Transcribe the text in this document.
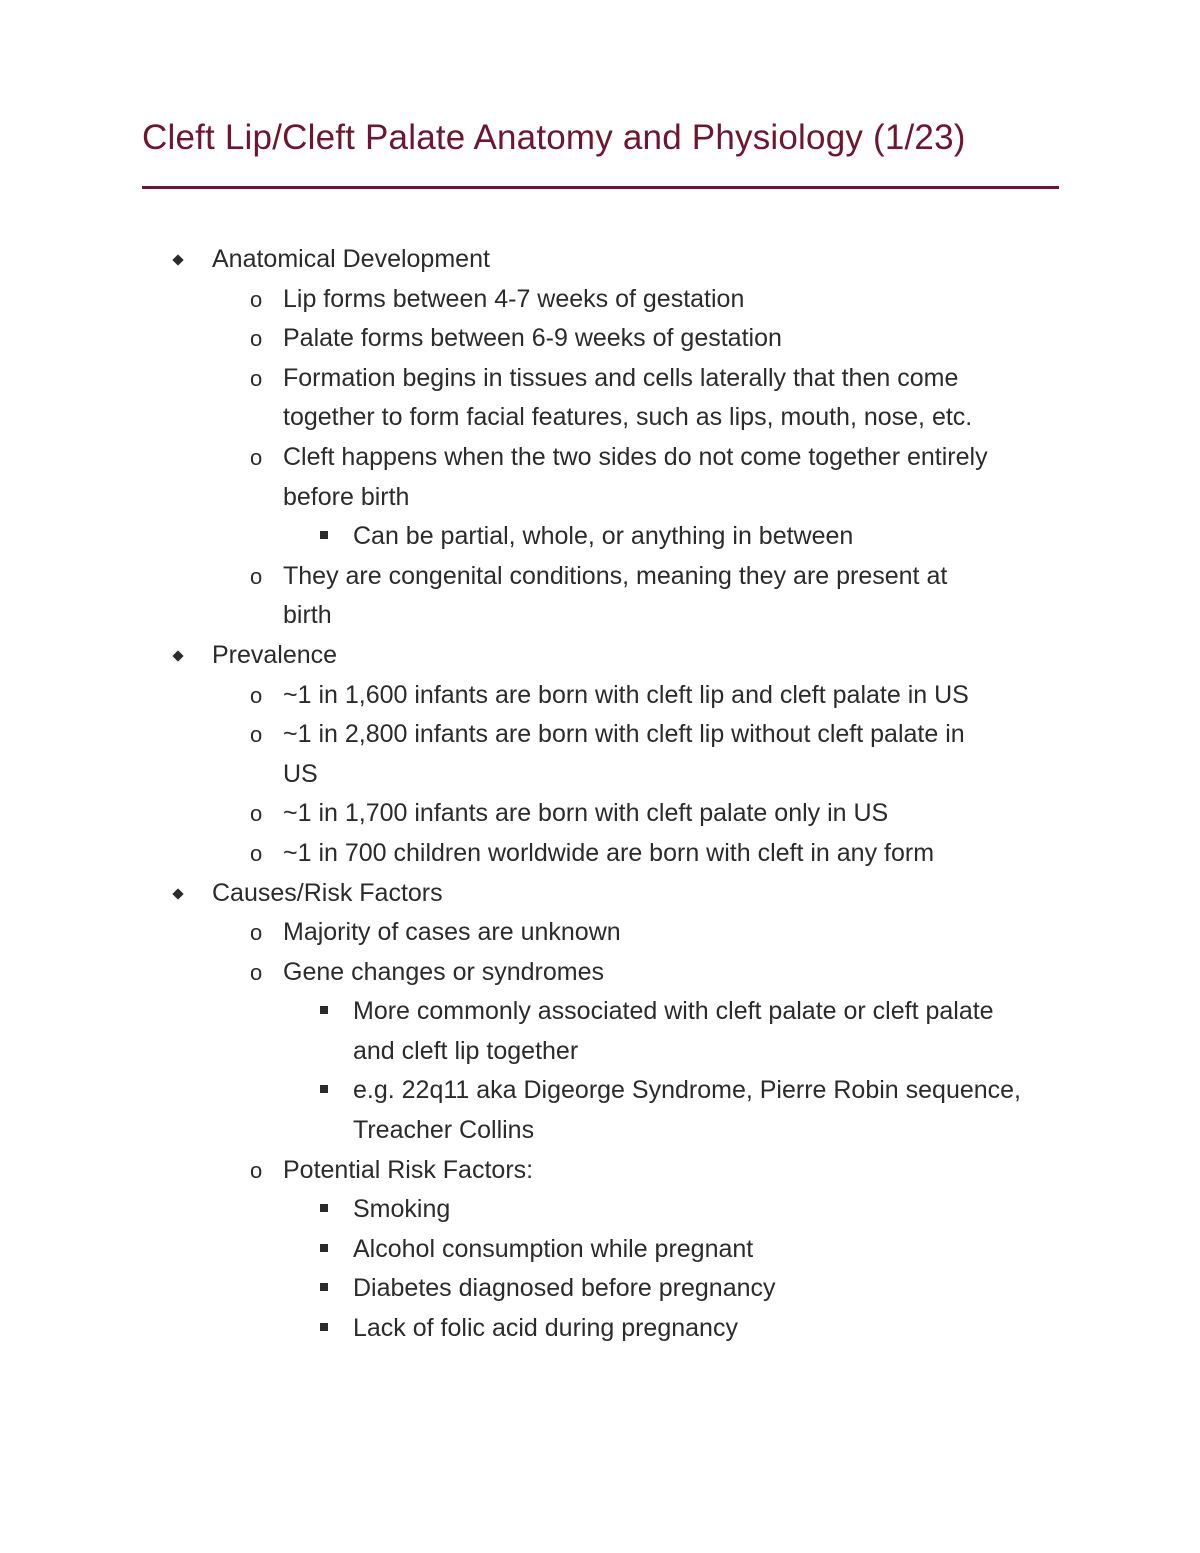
Cleft Lip/Cleft Palate Anatomy and Physiology (1/23)
Anatomical Development
o Lip forms between 4-7 weeks of gestation
o Palate forms between 6-9 weeks of gestation
o Formation begins in tissues and cells laterally that then come
together to form facial features, such as lips, mouth, nose, etc.
o Cleft happens when the two sides do not come together entirely
before birth
Can be partial, whole, or anything in between
o They are congenital conditions, meaning they are present at
birth
Prevalence
o ~1 in 1,600 infants are born with cleft lip and cleft palate in US
o ~1 in 2,800 infants are born with cleft lip without cleft palate in
US
o ~1 in 1,700 infants are born with cleft palate only in US
o ~1 in 700 children worldwide are born with cleft in any form
Causes/Risk Factors
o Majority of cases are unknown
o Gene changes or syndromes
More commonly associated with cleft palate or cleft palate
and cleft lip together
e.g. 22q11 aka Digeorge Syndrome, Pierre Robin sequence,
Treacher Collins
o Potential Risk Factors:
Smoking
Alcohol consumption while pregnant
Diabetes diagnosed before pregnancy
Lack of folic acid during pregnancy
